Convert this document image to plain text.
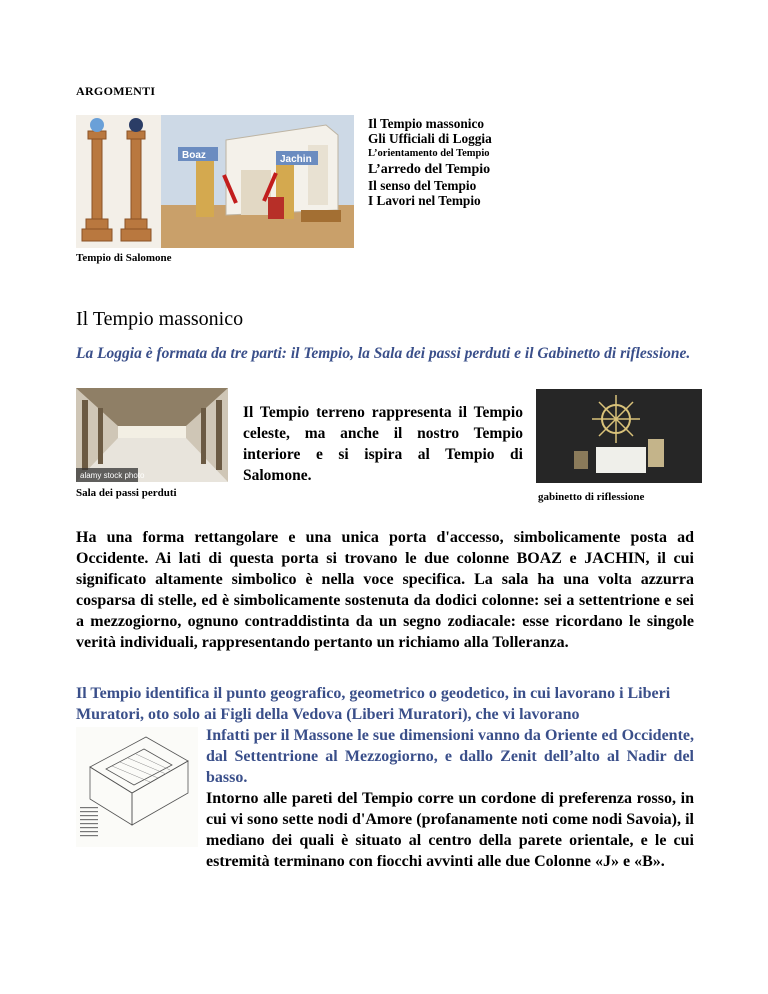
ARGOMENTI
Boaz	Jachin
Tempio di Salomone
Il Tempio massonico
Gli Ufficiali di Loggia
L’orientamento del Tempio
L’arredo del Tempio
Il senso del Tempio
I Lavori nel Tempio
Il Tempio massonico
La Loggia è formata da tre parti: il Tempio, la Sala dei passi perduti e il Gabinetto di riflessione.
alamy stock photo
Sala dei passi perduti
Il Tempio terreno rappresenta il Tempio celeste, ma anche il nostro Tempio interiore e si ispira al Tempio di Salomone.
gabinetto di riflessione
Ha una forma rettangolare e una unica porta d'accesso, simbolicamente posta ad Occidente. Ai lati di questa porta si trovano le due colonne BOAZ e JACHIN, il cui significato altamente simbolico è nella voce specifica. La sala ha una volta azzurra cosparsa di stelle, ed è simbolicamente sostenuta da dodici colonne: sei a settentrione e sei a mezzogiorno, ognuno contraddistinta da un segno zodiacale: esse ricordano le singole verità individuali, rappresentando pertanto un richiamo alla Tolleranza.
Il Tempio identifica il punto geografico, geometrico o geodetico, in cui lavorano i Liberi Muratori, oto solo ai Figli della Vedova (Liberi Muratori), che vi lavorano
Infatti per il Massone le sue dimensioni vanno da Oriente ed Occidente, dal Settentrione al Mezzogiorno, e dallo Zenit dell’alto al Nadir del basso.
Intorno alle pareti del Tempio corre un cordone di preferenza rosso, in cui vi sono sette nodi d'Amore (profanamente noti come nodi Savoia), il mediano dei quali è situato al centro della parete orientale, e le cui estremità terminano con fiocchi avvinti alle due Colonne «J» e «B».
